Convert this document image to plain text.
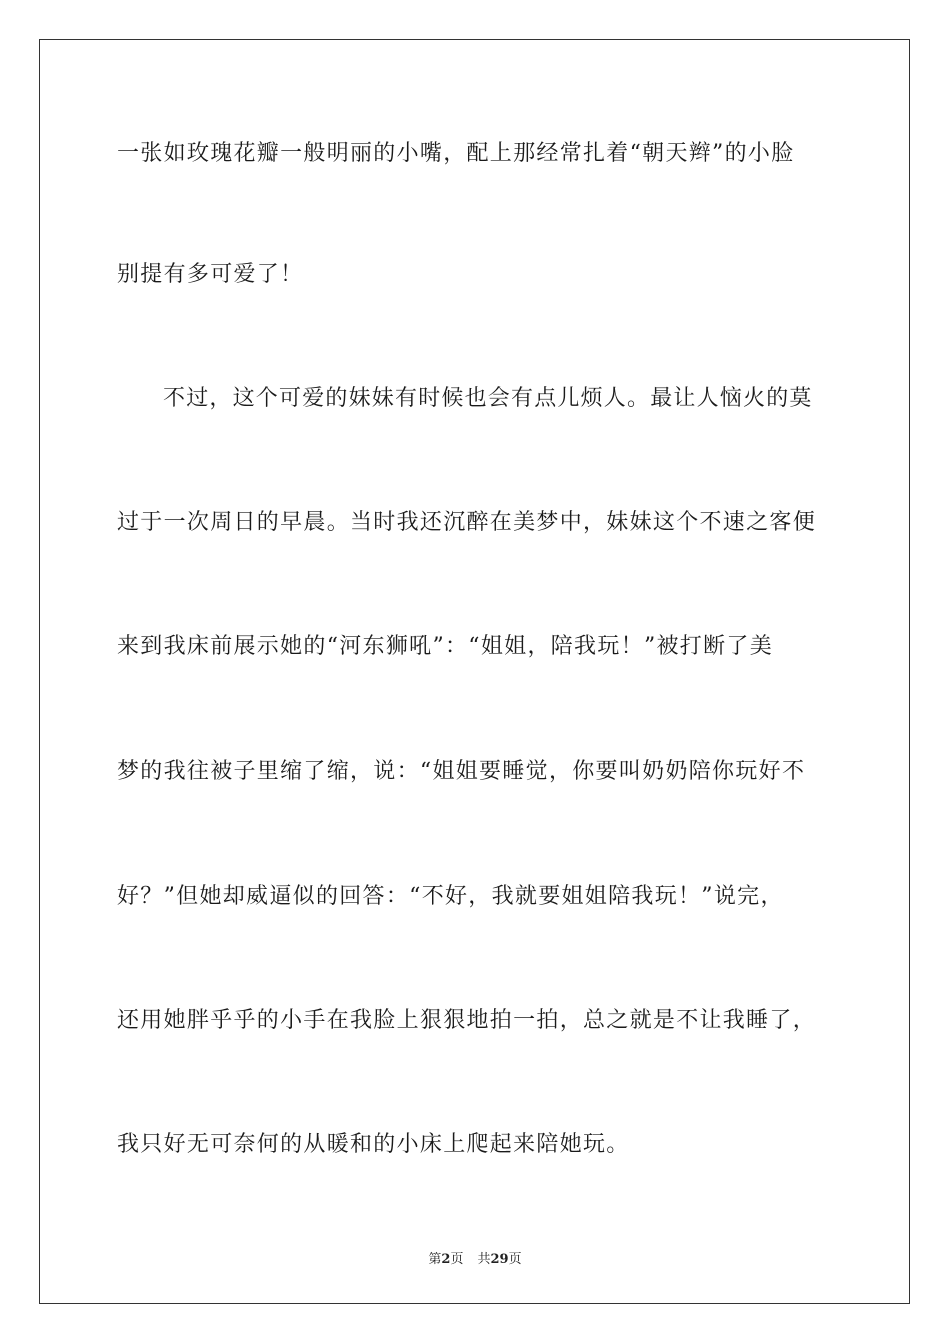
一张如玫瑰花瓣一般明丽的小嘴，配上那经常扎着“朝天辫”的小脸
别提有多可爱了！
不过，这个可爱的妹妹有时候也会有点儿烦人。最让人恼火的莫
过于一次周日的早晨。当时我还沉醉在美梦中，妹妹这个不速之客便
来到我床前展示她的“河东狮吼”：“姐姐，陪我玩！”被打断了美
梦的我往被子里缩了缩，说：“姐姐要睡觉，你要叫奶奶陪你玩好不
好？”但她却威逼似的回答：“不好，我就要姐姐陪我玩！”说完，
还用她胖乎乎的小手在我脸上狠狠地拍一拍，总之就是不让我睡了，
我只好无可奈何的从暖和的小床上爬起来陪她玩。
第2页 共29页
